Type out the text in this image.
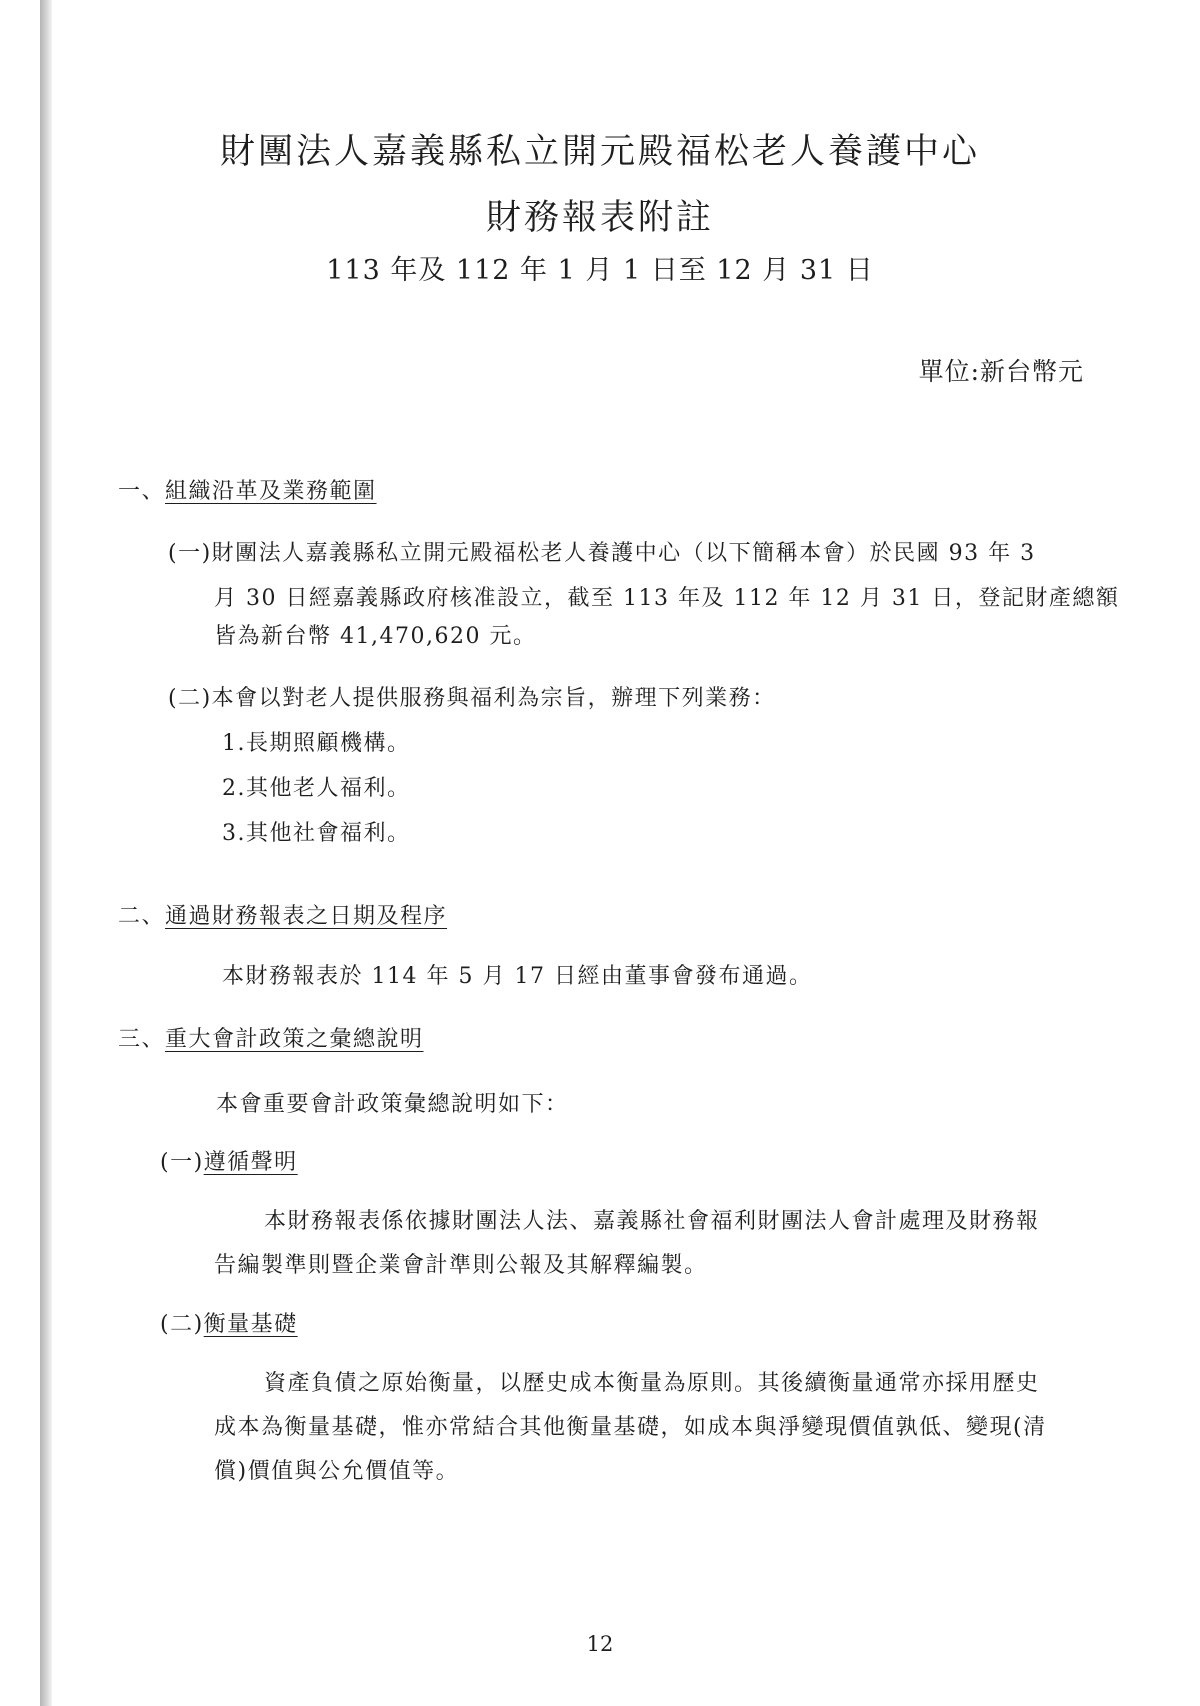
財團法人嘉義縣私立開元殿福松老人養護中心
財務報表附註
113 年及 112 年 1 月 1 日至 12 月 31 日
單位:新台幣元
一、組織沿革及業務範圍
(一)財團法人嘉義縣私立開元殿福松老人養護中心（以下簡稱本會）於民國 93 年 3
月 30 日經嘉義縣政府核准設立，截至 113 年及 112 年 12 月 31 日，登記財產總額
皆為新台幣 41,470,620 元。
(二)本會以對老人提供服務與福利為宗旨，辦理下列業務：
1.長期照顧機構。
2.其他老人福利。
3.其他社會福利。
二、通過財務報表之日期及程序
本財務報表於 114 年 5 月 17 日經由董事會發布通過。
三、重大會計政策之彙總說明
本會重要會計政策彙總說明如下：
(一)遵循聲明
本財務報表係依據財團法人法、嘉義縣社會福利財團法人會計處理及財務報
告編製準則暨企業會計準則公報及其解釋編製。
(二)衡量基礎
資產負債之原始衡量，以歷史成本衡量為原則。其後續衡量通常亦採用歷史
成本為衡量基礎，惟亦常結合其他衡量基礎，如成本與淨變現價值孰低、變現(清
償)價值與公允價值等。
12
